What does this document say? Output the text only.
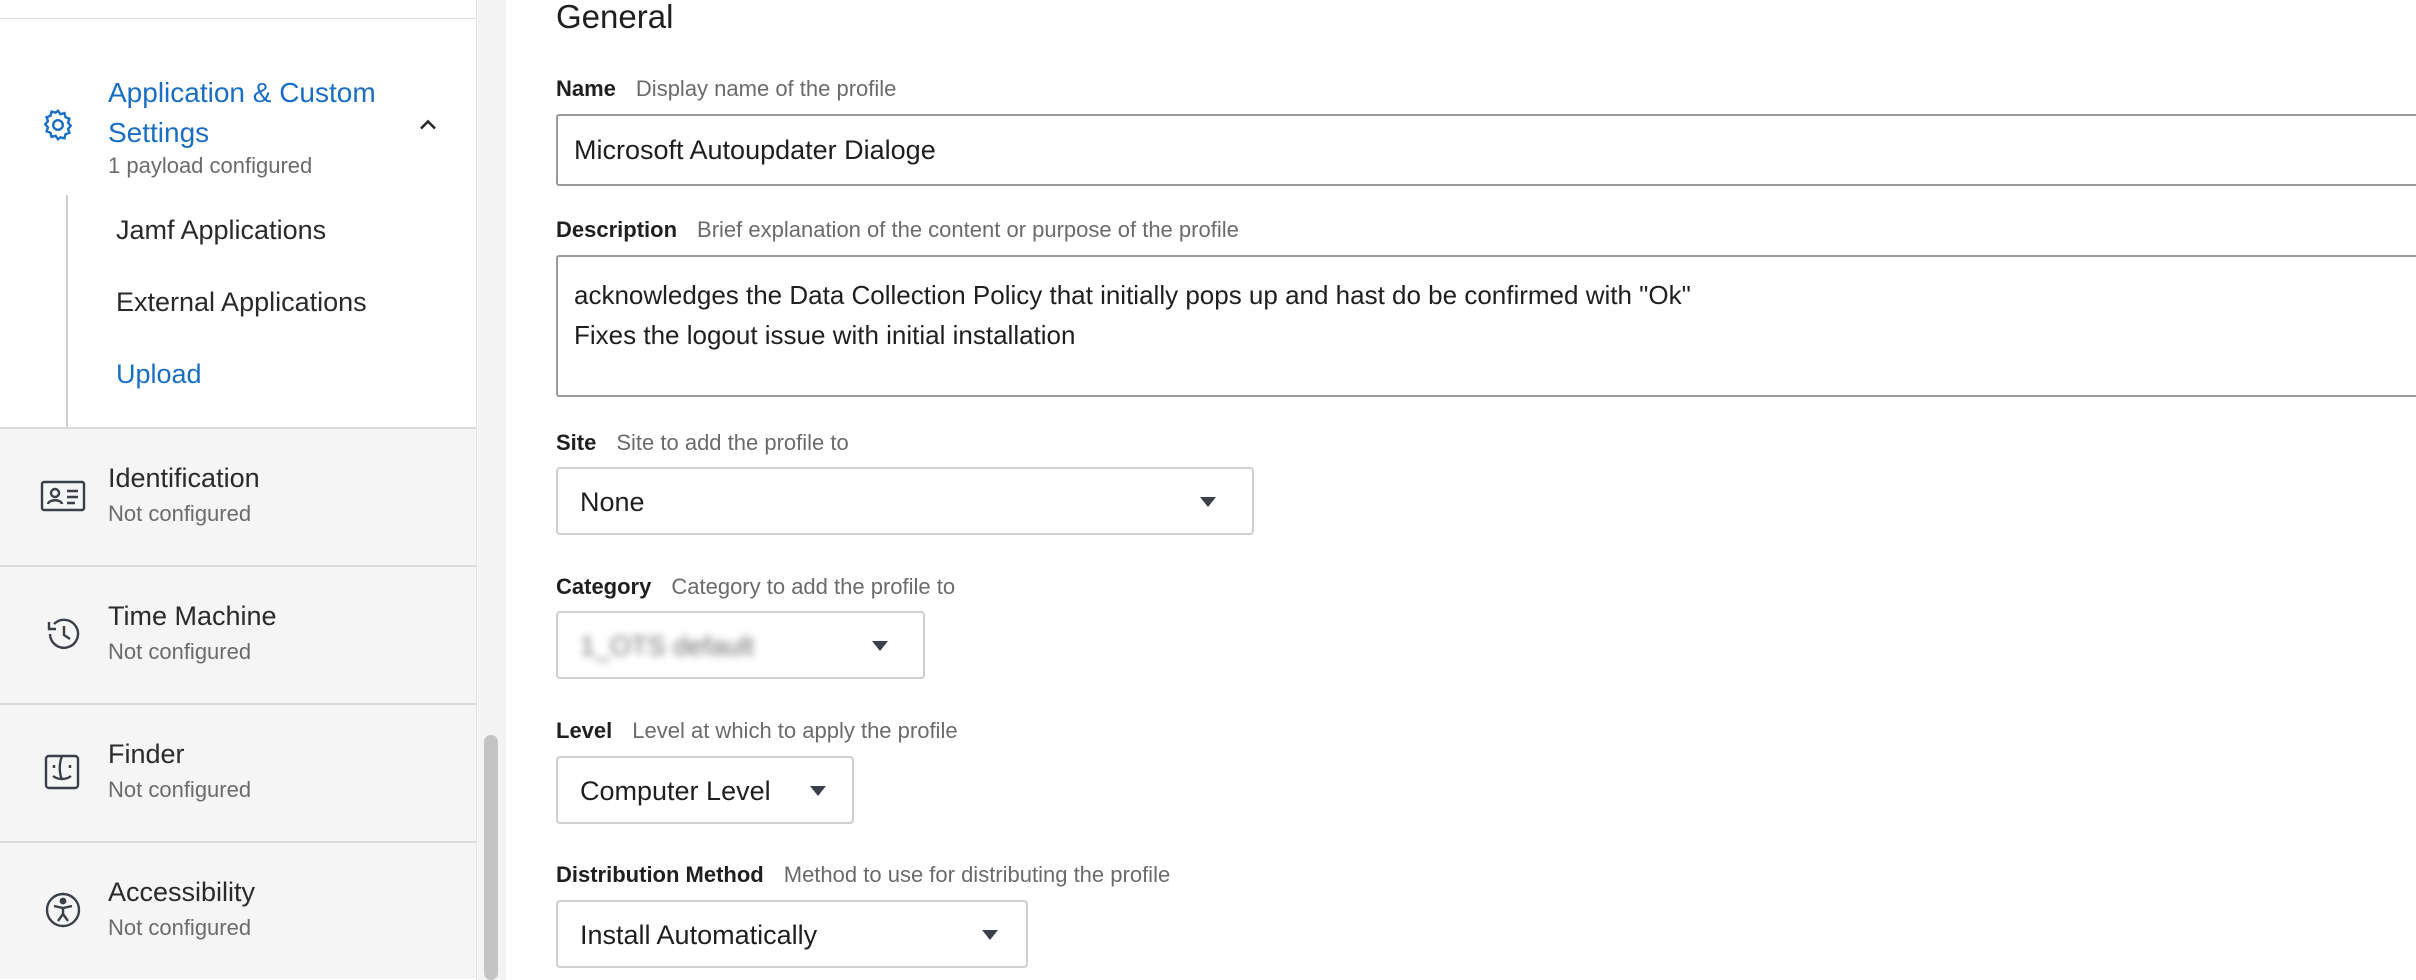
Application & Custom Settings
1 payload configured
Jamf Applications
External Applications
Upload
Identification
Not configured
Time Machine
Not configured
Finder
Not configured
Accessibility
Not configured
General
Name Display name of the profile
Microsoft Autoupdater Dialoge
Description Brief explanation of the content or purpose of the profile
acknowledges the Data Collection Policy that initially pops up and hast do be confirmed with "Ok"
Fixes the logout issue with initial installation
Site Site to add the profile to
None
Category Category to add the profile to
1_OTS default
Level Level at which to apply the profile
Computer Level
Distribution Method Method to use for distributing the profile
Install Automatically
